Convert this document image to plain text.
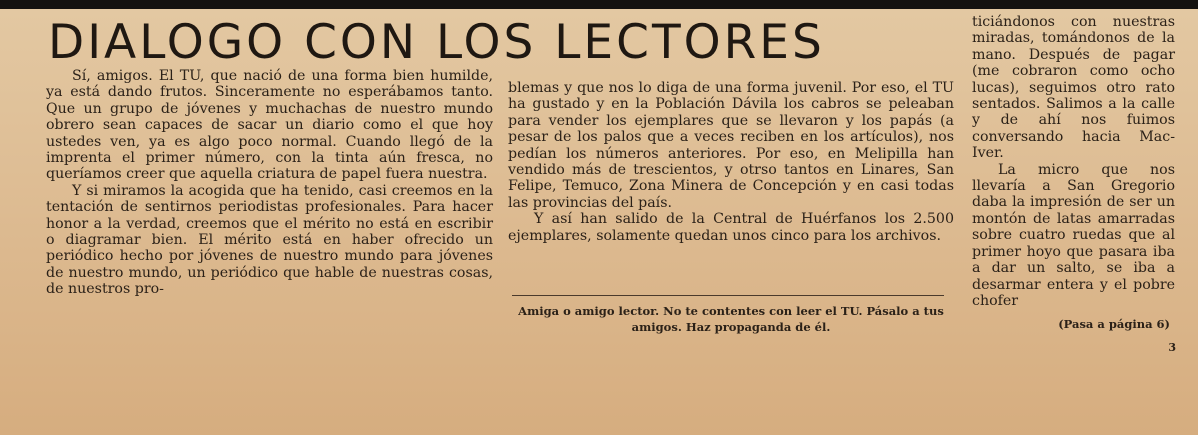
DIALOGO CON LOS LECTORES

Sí, amigos. El TU, que nació de una forma bien humilde, ya está dando frutos. Sinceramente no esperábamos tanto. Que un grupo de jóvenes y muchachas de nuestro mundo obrero sean capaces de sacar un diario como el que hoy ustedes ven, ya es algo poco normal. Cuando llegó de la imprenta el primer número, con la tinta aún fresca, no queríamos creer que aquella criatura de papel fuera nuestra.

Y si miramos la acogida que ha tenido, casi creemos en la tentación de sentirnos periodistas profesionales. Para hacer honor a la verdad, creemos que el mérito no está en escribir o diagramar bien. El mérito está en haber ofrecido un periódico hecho por jóvenes de nuestro mundo para jóvenes de nuestro mundo, un periódico que hable de nuestras cosas, de nuestros pro-

blemas y que nos lo diga de una forma juvenil. Por eso, el TU ha gustado y en la Población Dávila los cabros se peleaban para vender los ejemplares que se llevaron y los papás (a pesar de los palos que a veces reciben en los artículos), nos pedían los números anteriores. Por eso, en Melipilla han vendido más de trescientos, y otrso tantos en Linares, San Felipe, Temuco, Zona Minera de Concepción y en casi todas las provincias del país.

Y así han salido de la Central de Huérfanos los 2.500 ejemplares, solamente quedan unos cinco para los archivos.

Amiga o amigo lector. No te contentes con leer el TU. Pásalo a tus amigos. Haz propaganda de él.

ticiándonos con nuestras miradas, tomándonos de la mano. Después de pagar (me cobraron como ocho lucas), seguimos otro rato sentados. Salimos a la calle y de ahí nos fuimos conversando hacia Mac-Iver.

La micro que nos llevaría a San Gregorio daba la impresión de ser un montón de latas amarradas sobre cuatro ruedas que al primer hoyo que pasara iba a dar un salto, se iba a desarmar entera y el pobre chofer

(Pasa a página 6)
3
